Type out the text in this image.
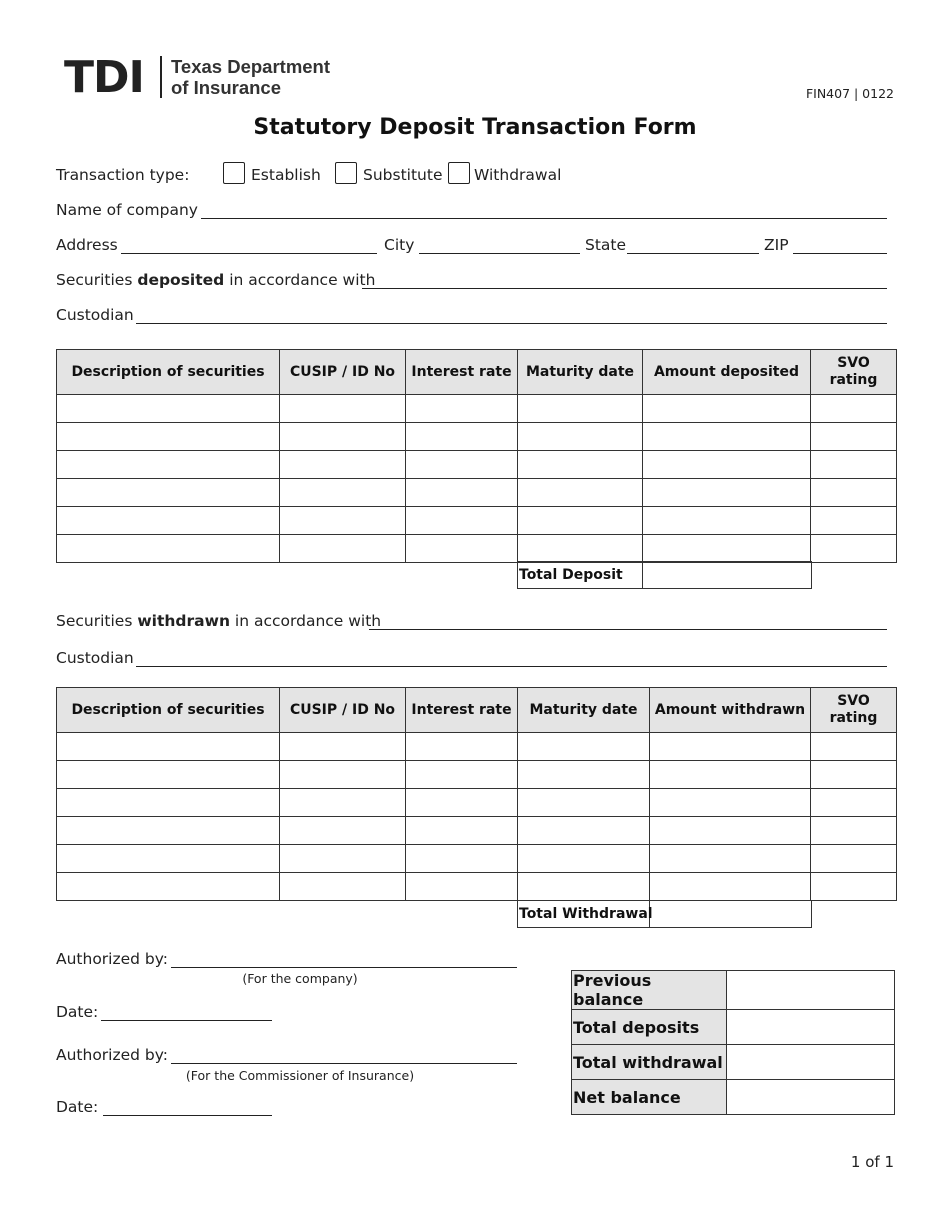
TDI Texas Department
of Insurance	FIN407 | 0122
Statutory Deposit Transaction Form
Transaction type:	Establish	Substitute Withdrawal
Name of company
Address	City	State	ZIP
Securities deposited in accordance with
Custodian
Description of securities	CUSIP / ID No	Interest rate	Maturity date	Amount deposited	SVO rating

Total Deposit	
Securities withdrawn in accordance with
Custodian
Description of securities	CUSIP / ID No	Interest rate	Maturity date	Amount withdrawn	SVO rating

Total Withdrawal	
Authorized by:
(For the company)
Date:
Authorized by:
(For the Commissioner of Insurance)
Date:
Previous balance	
Total deposits	
Total withdrawal	
Net balance	
1 of 1
